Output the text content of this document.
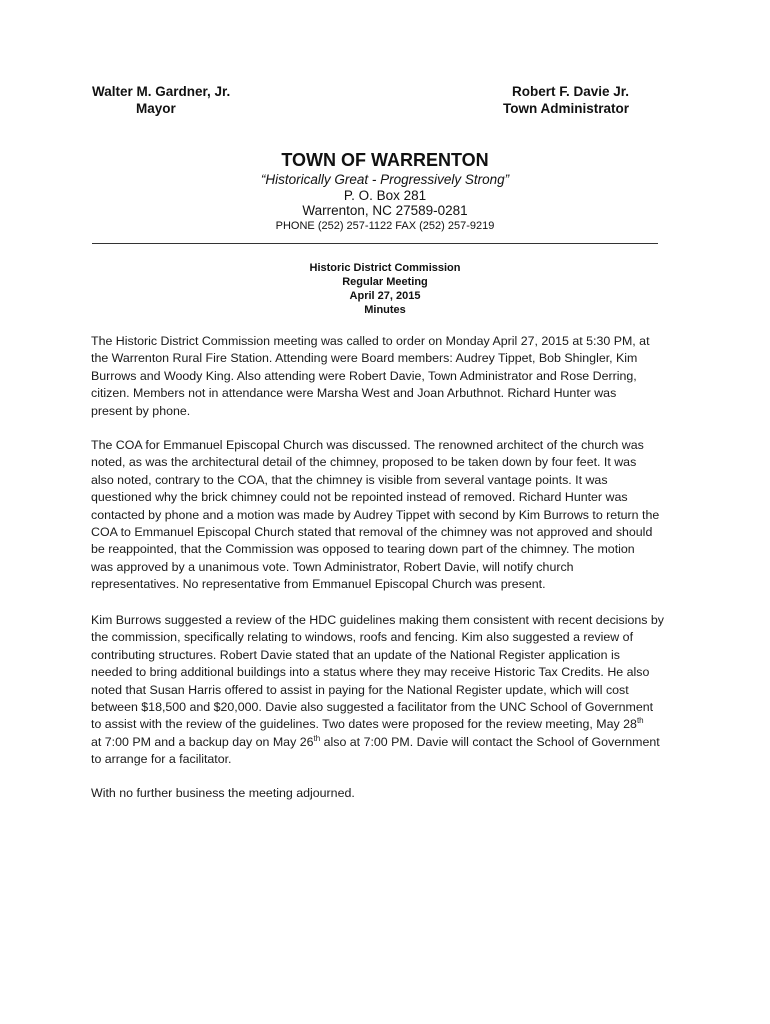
Walter M. Gardner, Jr.
Mayor
Robert F. Davie Jr.
Town Administrator
TOWN OF WARRENTON
“Historically Great - Progressively Strong”
P. O. Box 281
Warrenton, NC 27589-0281
PHONE (252) 257-1122 FAX (252) 257-9219
Historic District Commission
Regular Meeting
April 27, 2015
Minutes
The Historic District Commission meeting was called to order on Monday April 27, 2015 at 5:30 PM, at
the Warrenton Rural Fire Station. Attending were Board members: Audrey Tippet, Bob Shingler, Kim
Burrows and Woody King. Also attending were Robert Davie, Town Administrator and Rose Derring,
citizen. Members not in attendance were Marsha West and Joan Arbuthnot. Richard Hunter was
present by phone.
The COA for Emmanuel Episcopal Church was discussed. The renowned architect of the church was
noted, as was the architectural detail of the chimney, proposed to be taken down by four feet. It was
also noted, contrary to the COA, that the chimney is visible from several vantage points. It was
questioned why the brick chimney could not be repointed instead of removed. Richard Hunter was
contacted by phone and a motion was made by Audrey Tippet with second by Kim Burrows to return the
COA to Emmanuel Episcopal Church stated that removal of the chimney was not approved and should
be reappointed, that the Commission was opposed to tearing down part of the chimney. The motion
was approved by a unanimous vote. Town Administrator, Robert Davie, will notify church
representatives. No representative from Emmanuel Episcopal Church was present.
Kim Burrows suggested a review of the HDC guidelines making them consistent with recent decisions by
the commission, specifically relating to windows, roofs and fencing. Kim also suggested a review of
contributing structures. Robert Davie stated that an update of the National Register application is
needed to bring additional buildings into a status where they may receive Historic Tax Credits. He also
noted that Susan Harris offered to assist in paying for the National Register update, which will cost
between $18,500 and $20,000. Davie also suggested a facilitator from the UNC School of Government
to assist with the review of the guidelines. Two dates were proposed for the review meeting, May 28th
at 7:00 PM and a backup day on May 26th also at 7:00 PM. Davie will contact the School of Government
to arrange for a facilitator.
With no further business the meeting adjourned.
